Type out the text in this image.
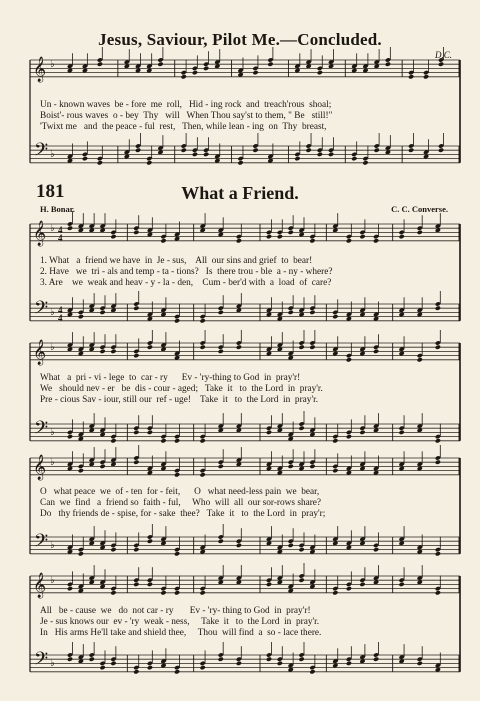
𝄞
𝄢
♭
♭
𝄞
𝄢
♭
♭
𝄞
𝄢
♭
♭
𝄞
𝄢
♭
♭
𝄞
𝄢
♭
♭
4
4
4
4
Jesus, Saviour, Pilot Me.—Concluded.
D.C.
181	What a Friend.
H. Bonar.	C. C. Converse.
Un - known waves  be - fore  me  roll,   Hid - ing rock  and  treach'rous  shoal;
Boist'- rous waves  o - bey  Thy   will   When Thou say'st to them, " Be   still!"
'Twixt me   and  the peace - ful  rest,   Then, while lean - ing  on  Thy  breast,
1. What   a  friend we have  in  Je - sus,    All  our sins and grief  to  bear!
2. Have   we  tri - als and temp - ta - tions?   Is  there trou - ble  a - ny - where?
3. Are    we  weak and heav - y - la - den,    Cum - ber'd with  a  load  of  care?
What   a  pri - vi - lege  to  car - ry      Ev - 'ry-thing to God  in  pray'r!
We   should nev - er   be  dis - cour - aged;   Take  it   to  the Lord  in  pray'r.
Pre - cious Sav - iour, still our  ref - uge!    Take  it   to  the Lord  in  pray'r.
O   what peace  we  of - ten  for - feit,      O   what need-less pain  we  bear,
Can  we  find   a  friend so  faith - ful,     Who  will  all  our sor-rows share?
Do   thy friends de - spise, for - sake  thee?   Take  it   to  the Lord  in  pray'r;
All   be - cause  we   do  not car - ry       Ev - 'ry- thing to God  in  pray'r!
Je - sus knows our  ev - 'ry  weak - ness,     Take  it   to  the Lord  in  pray'r.
In   His arms He'll take and shield thee,     Thou  will find  a  so - lace there.
